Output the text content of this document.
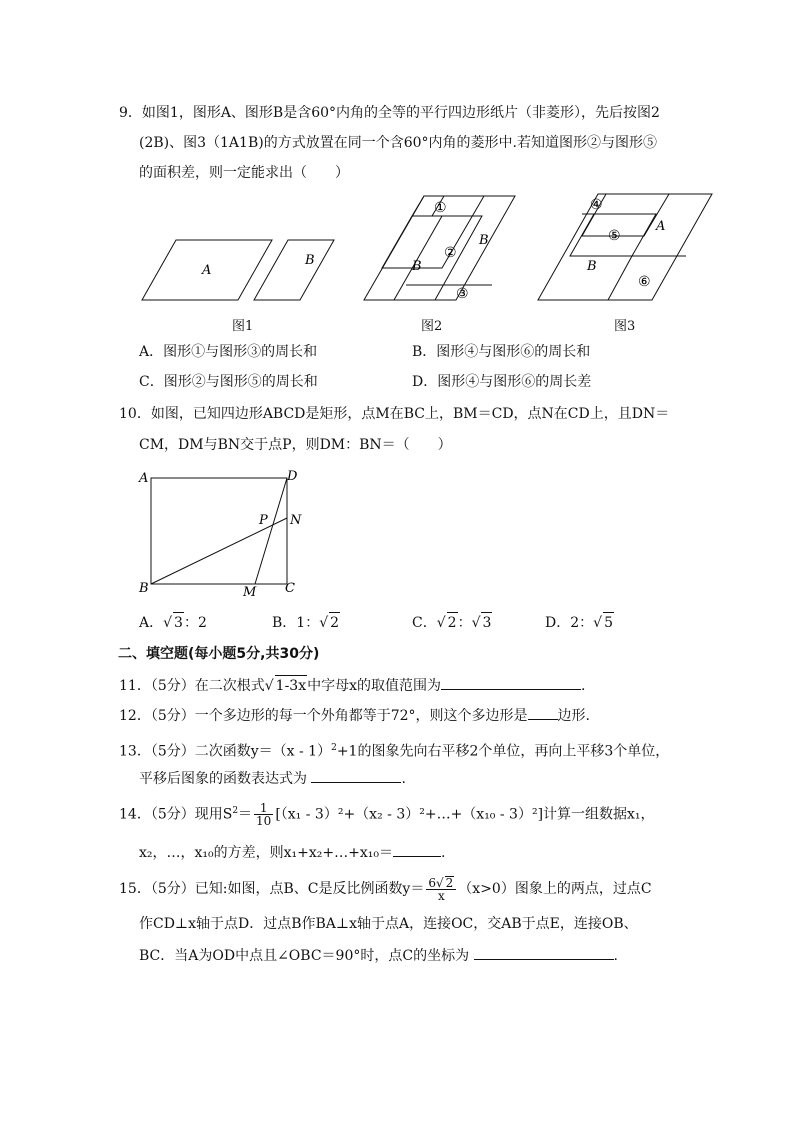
9．如图1，图形A、图形B是含60°内角的全等的平行四边形纸片（非菱形），先后按图2
(2B)、图3（1A1B)的方式放置在同一个含60°内角的菱形中.若知道图形②与图形⑤
的面积差，则一定能求出（　　）
A
B
图1
①
②
③
B
B
图2
④
⑤
⑥
A
B
图3
A．图形①与图形③的周长和	B．图形④与图形⑥的周长和
C．图形②与图形⑤的周长和	D．图形④与图形⑥的周长差
10．如图，已知四边形ABCD是矩形，点M在BC上，BM＝CD，点N在CD上，且DN＝
CM，DM与BN交于点P，则DM：BN＝（　　）
A	D
P N
B	C
M
A．√ 3：2	B．1：√ 2	C．√ 2：√ 3	D．2：√ 5
二、填空题(每小题5分,共30分)
11．（5分）在二次根式√ 1-3x中字母x的取值范围为	.
12．（5分）一个多边形的每一个外角都等于72°，则这个多边形是 边形.
13．（5分）二次函数y＝（x - 1）$^2$+1的图象先向右平移2个单位，再向上平移3个单位，
平移后图象的函数表达式为	.
14．（5分）现用$S^2= \frac{1}{10} [(x_1 - 3)^2+(x_2$ - 3）²+…+（x₁₀ - 3）²]计算一组数据x₁，
x₂，…，x₁₀的方差，则x₁+x₂+…+x₁₀＝	.
15．（5分）已知:如图，点B、C是反比例函数$y= \frac{6√ 2}{x} (x>0)$图象上的两点，过点C
作CD⊥x轴于点D．过点B作BA⊥x轴于点A，连接OC，交AB于点E，连接OB、
BC．当A为OD中点且∠OBC＝90°时，点C的坐标为	.
